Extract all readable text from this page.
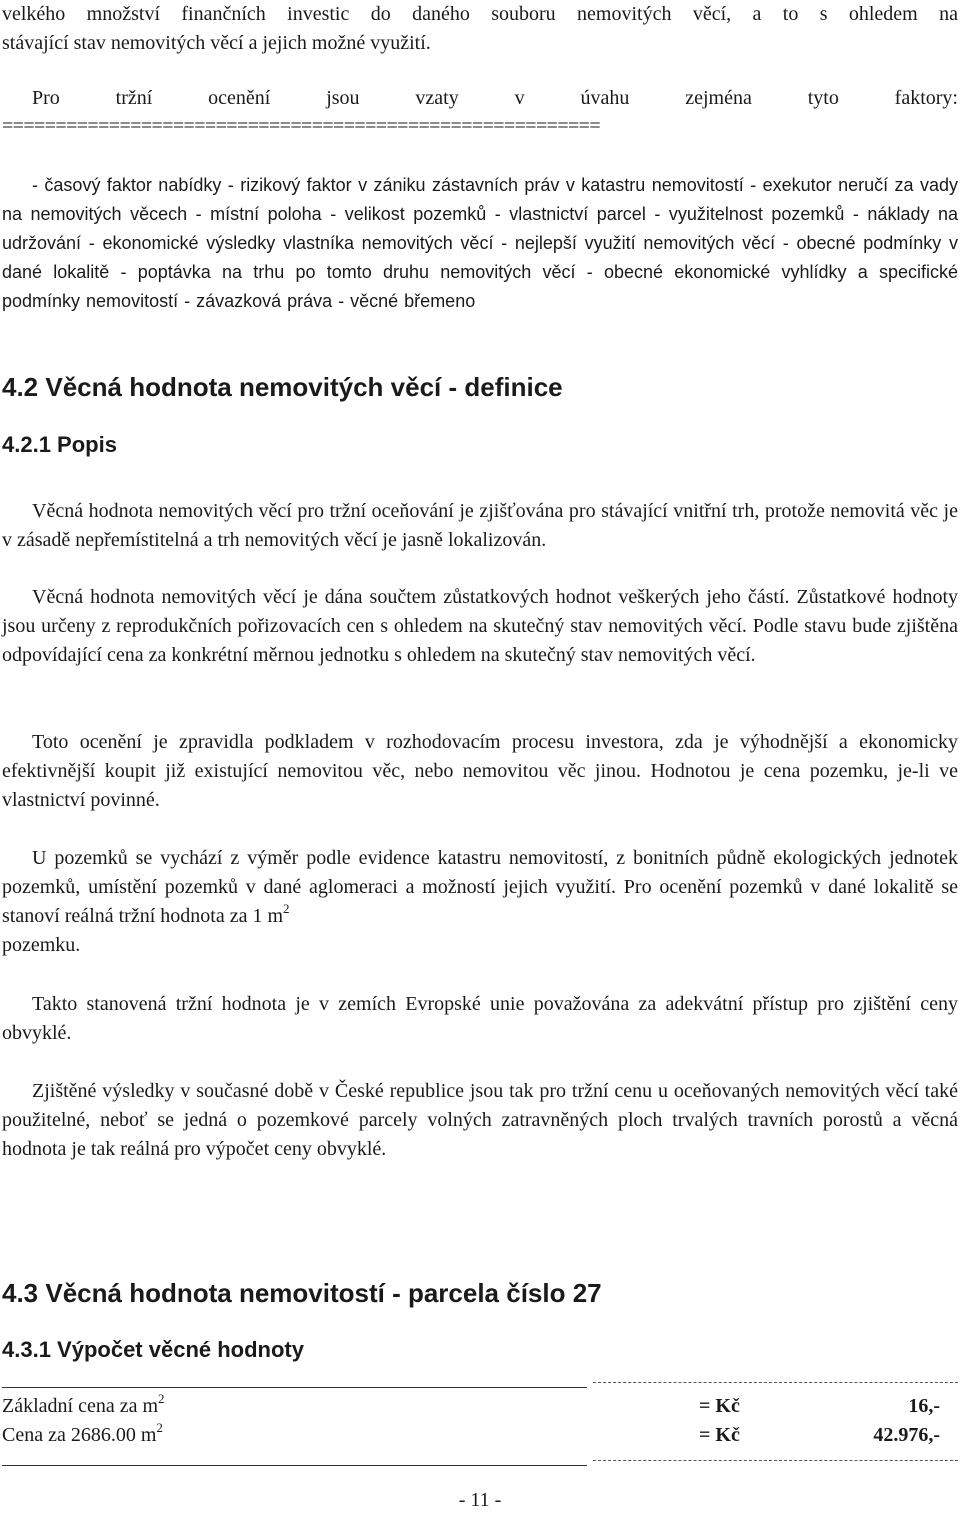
velkého množství finančních investic do daného souboru nemovitých věcí, a to s ohledem na
stávající stav nemovitých věcí a jejich možné využití.
Pro tržní ocenění jsou vzaty v úvahu zejména tyto faktory:
========================================================
- časový faktor nabídky - rizikový faktor v zániku zástavních práv v katastru nemovitostí - exekutor neručí za vady na nemovitých věcech - místní poloha - velikost pozemků - vlastnictví parcel - využitelnost pozemků - náklady na udržování - ekonomické výsledky vlastníka nemovitých věcí - nejlepší využití nemovitých věcí - obecné podmínky v dané lokalitě - poptávka na trhu po tomto druhu nemovitých věcí - obecné ekonomické vyhlídky a specifické podmínky nemovitostí - závazková práva - věcné břemeno
4.2 Věcná hodnota nemovitých věcí - definice
4.2.1 Popis
Věcná hodnota nemovitých věcí pro tržní oceňování je zjišťována pro stávající vnitřní trh, protože nemovitá věc je v zásadě nepřemístitelná a trh nemovitých věcí je jasně lokalizován.
Věcná hodnota nemovitých věcí je dána součtem zůstatkových hodnot veškerých jeho částí. Zůstatkové hodnoty jsou určeny z reprodukčních pořizovacích cen s ohledem na skutečný stav nemovitých věcí. Podle stavu bude zjištěna odpovídající cena za konkrétní měrnou jednotku s ohledem na skutečný stav nemovitých věcí.
Toto ocenění je zpravidla podkladem v rozhodovacím procesu investora, zda je výhodnější a ekonomicky efektivnější koupit již existující nemovitou věc, nebo nemovitou věc jinou. Hodnotou je cena pozemku, je-li ve vlastnictví povinné.
U pozemků se vychází z výměr podle evidence katastru nemovitostí, z bonitních půdně ekologických jednotek pozemků, umístění pozemků v dané aglomeraci a možností jejich využití. Pro ocenění pozemků v dané lokalitě se stanoví reálná tržní hodnota za 1 $m^2$
pozemku.
Takto stanovená tržní hodnota je v zemích Evropské unie považována za adekvátní přístup pro zjištění ceny obvyklé.
Zjištěné výsledky v současné době v České republice jsou tak pro tržní cenu u oceňovaných nemovitých věcí také použitelné, neboť se jedná o pozemkové parcely volných zatravněných ploch trvalých travních porostů a věcná hodnota je tak reálná pro výpočet ceny obvyklé.
4.3 Věcná hodnota nemovitostí - parcela číslo 27
4.3.1 Výpočet věcné hodnoty
Základní cena za $m^2$	= Kč	16,-
Cena za 2686.00 $m^2$	= Kč	42.976,-
- 11 -
